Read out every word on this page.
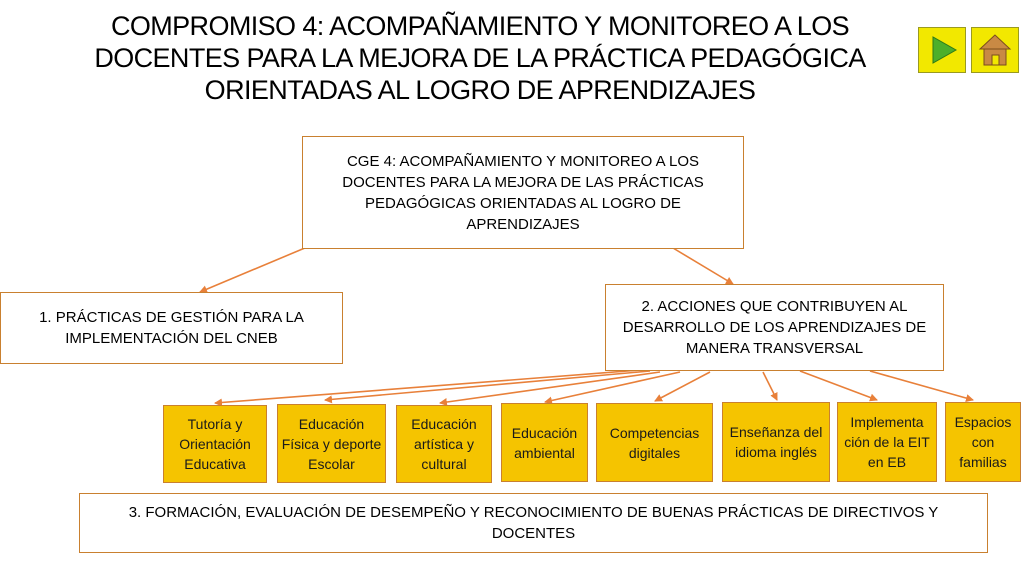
COMPROMISO 4: ACOMPAÑAMIENTO Y MONITOREO A LOS DOCENTES PARA LA MEJORA DE LA PRÁCTICA PEDAGÓGICA ORIENTADAS AL LOGRO DE APRENDIZAJES
CGE 4: ACOMPAÑAMIENTO Y MONITOREO A LOS DOCENTES PARA LA MEJORA DE LAS PRÁCTICAS PEDAGÓGICAS ORIENTADAS AL LOGRO DE APRENDIZAJES
1. PRÁCTICAS DE GESTIÓN PARA LA IMPLEMENTACIÓN DEL CNEB
2. ACCIONES QUE CONTRIBUYEN AL DESARROLLO DE LOS APRENDIZAJES DE MANERA TRANSVERSAL
Tutoría y Orientación Educativa
Educación Física y deporte Escolar
Educación artística y cultural
Educación ambiental
Competencias digitales
Enseñanza del idioma inglés
Implementa ción de la EIT en EB
Espacios con familias
3. FORMACIÓN, EVALUACIÓN DE DESEMPEÑO Y RECONOCIMIENTO DE BUENAS PRÁCTICAS DE DIRECTIVOS Y DOCENTES
